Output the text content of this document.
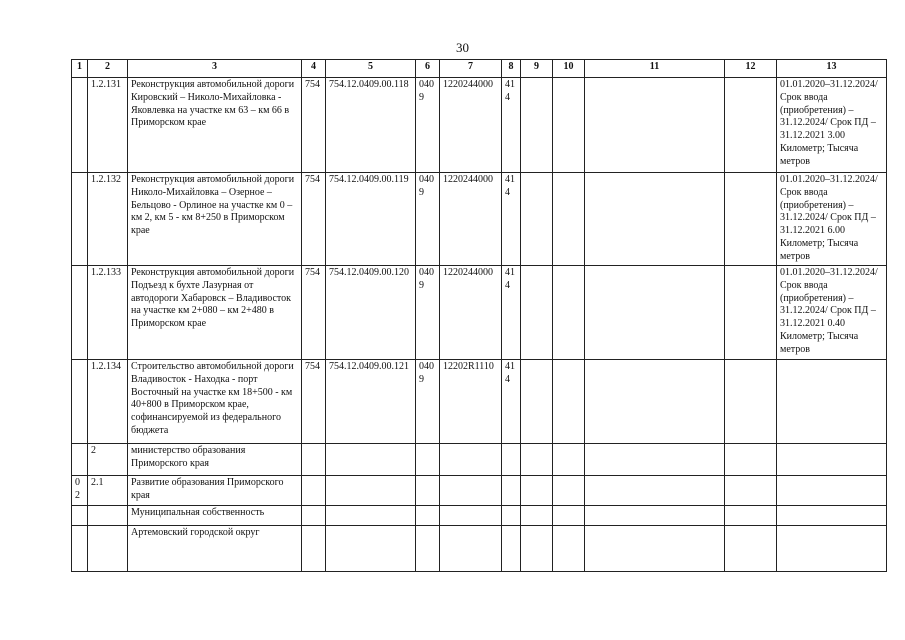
30
1	2	3	4	5	6	7	8	9	10	11	12	13
	1.2.131	Реконструкция автомобильной дороги Кировский – Николо-Михайловка - Яковлевка на участке км 63 – км 66 в Приморском крае	754	754.12.0409.00.118	0409	1220244000	414					01.01.2020–31.12.2024/ Срок ввода (приобретения) – 31.12.2024/ Срок ПД – 31.12.2021 3.00 Километр; Тысяча метров
	1.2.132	Реконструкция автомобильной дороги Николо-Михайловка – Озерное – Бельцово - Орлиное на участке км 0 – км 2, км 5 - км 8+250 в Приморском крае	754	754.12.0409.00.119	0409	1220244000	414					01.01.2020–31.12.2024/ Срок ввода (приобретения) – 31.12.2024/ Срок ПД – 31.12.2021 6.00 Километр; Тысяча метров
	1.2.133	Реконструкция автомобильной дороги Подъезд к бухте Лазурная от автодороги Хабаровск – Владивосток на участке км 2+080 – км 2+480 в Приморском крае	754	754.12.0409.00.120	0409	1220244000	414					01.01.2020–31.12.2024/ Срок ввода (приобретения) – 31.12.2024/ Срок ПД – 31.12.2021 0.40 Километр; Тысяча метров
	1.2.134	Строительство автомобильной дороги Владивосток - Находка - порт Восточный на участке км 18+500 - км 40+800 в Приморском крае, софинансируемой из федерального бюджета	754	754.12.0409.00.121	0409	12202R1110	414					
	2	министерство образования Приморского края										
02	2.1	Развитие образования Приморского края										
		Муниципальная собственность										
		Артемовский городской округ										
